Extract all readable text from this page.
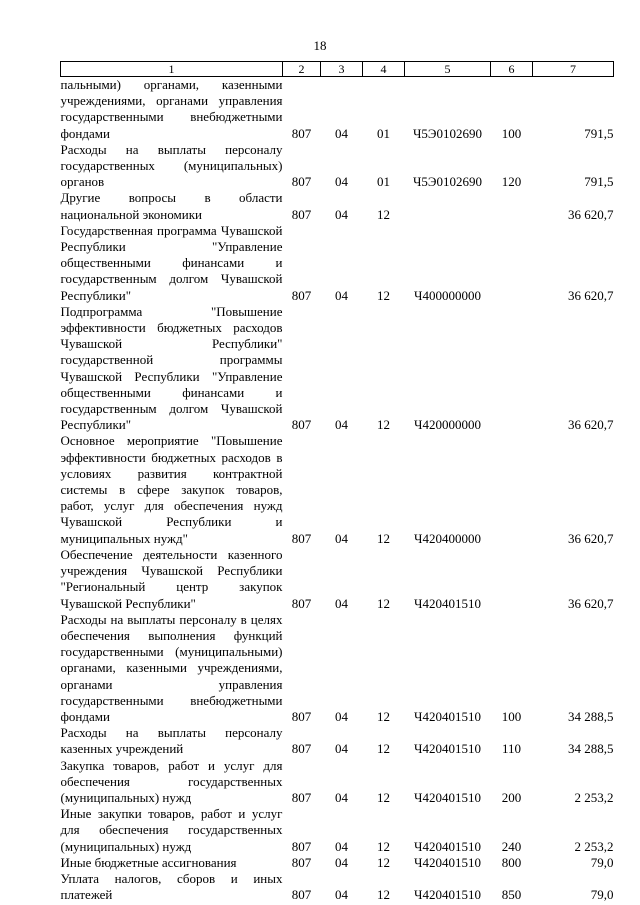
18
1	2	3	4	5	6	7
пальными) органами, казенными учреждениями, органами управления государственными внебюджетными фондами	807	04	01	Ч5Э0102690	100	791,5
Расходы на выплаты персоналу государственных (муниципальных) органов	807	04	01	Ч5Э0102690	120	791,5
Другие вопросы в области национальной экономики	807	04	12			36 620,7
Государственная программа Чувашской Республики "Управление общественными финансами и государственным долгом Чувашской Республики"	807	04	12	Ч400000000		36 620,7
Подпрограмма "Повышение эффективности бюджетных расходов Чувашской Республики" государственной программы Чувашской Республики "Управление общественными финансами и государственным долгом Чувашской Республики"	807	04	12	Ч420000000		36 620,7
Основное мероприятие "Повышение эффективности бюджетных расходов в условиях развития контрактной системы в сфере закупок товаров, работ, услуг для обеспечения нужд Чувашской Республики и муниципальных нужд"	807	04	12	Ч420400000		36 620,7
Обеспечение деятельности казенного учреждения Чувашской Республики "Региональный центр закупок Чувашской Республики"	807	04	12	Ч420401510		36 620,7
Расходы на выплаты персоналу в целях обеспечения выполнения функций государственными (муниципальными) органами, казенными учреждениями, органами управления государственными внебюджетными фондами	807	04	12	Ч420401510	100	34 288,5
Расходы на выплаты персоналу казенных учреждений	807	04	12	Ч420401510	110	34 288,5
Закупка товаров, работ и услуг для обеспечения государственных (муниципальных) нужд	807	04	12	Ч420401510	200	2 253,2
Иные закупки товаров, работ и услуг для обеспечения государственных (муниципальных) нужд	807	04	12	Ч420401510	240	2 253,2
Иные бюджетные ассигнования	807	04	12	Ч420401510	800	79,0
Уплата налогов, сборов и иных платежей	807	04	12	Ч420401510	850	79,0
